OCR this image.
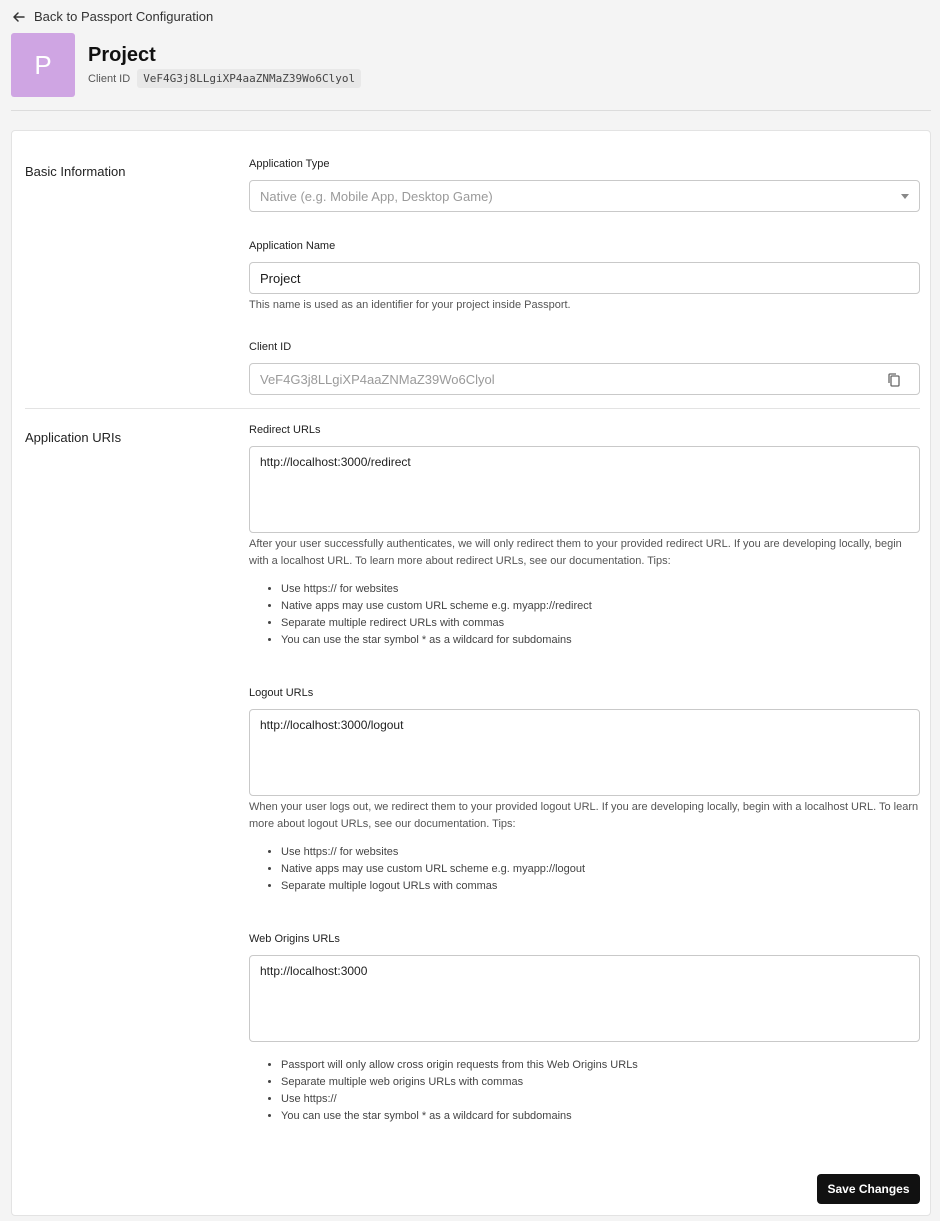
Back to Passport Configuration
P	Project
Client ID	VeF4G3j8LLgiXP4aaZNMaZ39Wo6Clyol
Basic Information	Application Type
Native (e.g. Mobile App, Desktop Game)
Application Name
Project
This name is used as an identifier for your project inside Passport.
Client ID
VeF4G3j8LLgiXP4aaZNMaZ39Wo6Clyol
Application URIs	Redirect URLs
http://localhost:3000/redirect
After your user successfully authenticates, we will only redirect them to your provided redirect URL. If you are developing locally, begin with a localhost URL. To learn more about redirect URLs, see our documentation. Tips:
• Use https:// for websites
• Native apps may use custom URL scheme e.g. myapp://redirect
• Separate multiple redirect URLs with commas
• You can use the star symbol * as a wildcard for subdomains
Logout URLs
http://localhost:3000/logout
When your user logs out, we redirect them to your provided logout URL. If you are developing locally, begin with a localhost URL. To learn more about logout URLs, see our documentation. Tips:
• Use https:// for websites
• Native apps may use custom URL scheme e.g. myapp://logout
• Separate multiple logout URLs with commas
Web Origins URLs
http://localhost:3000
• Passport will only allow cross origin requests from this Web Origins URLs
• Separate multiple web origins URLs with commas
• Use https://
• You can use the star symbol * as a wildcard for subdomains
Save Changes
